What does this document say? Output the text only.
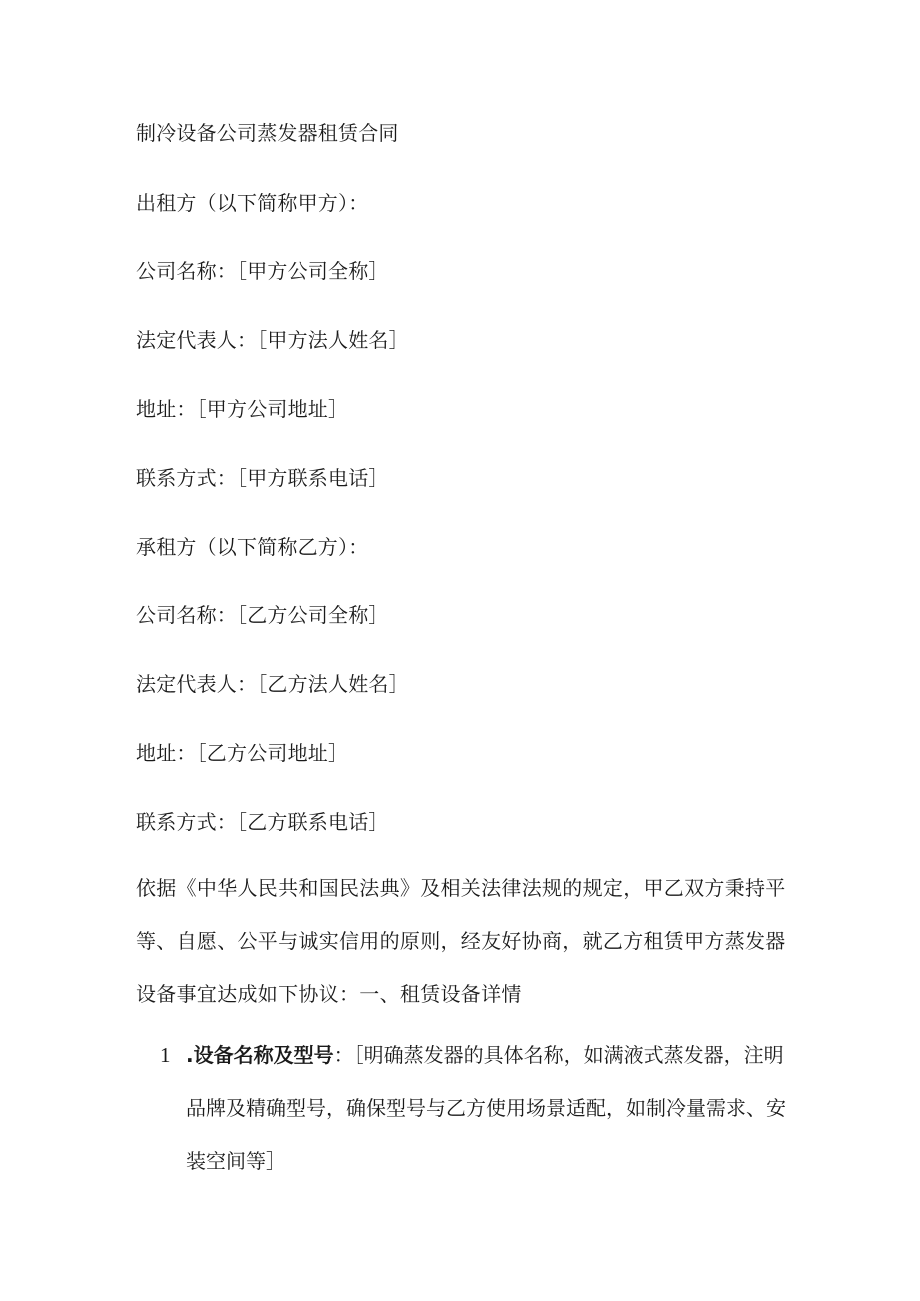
制冷设备公司蒸发器租赁合同
出租方（以下简称甲方）：
公司名称：［甲方公司全称］
法定代表人：［甲方法人姓名］
地址：［甲方公司地址］
联系方式：［甲方联系电话］
承租方（以下简称乙方）：
公司名称：［乙方公司全称］
法定代表人：［乙方法人姓名］
地址：［乙方公司地址］
联系方式：［乙方联系电话］
依据《中华人民共和国民法典》及相关法律法规的规定，甲乙双方秉持平等、自愿、公平与诚实信用的原则，经友好协商，就乙方租赁甲方蒸发器设备事宜达成如下协议：一、租赁设备详情
1 .设备名称及型号：［明确蒸发器的具体名称，如满液式蒸发器，注明品牌及精确型号，确保型号与乙方使用场景适配，如制冷量需求、安装空间等］
